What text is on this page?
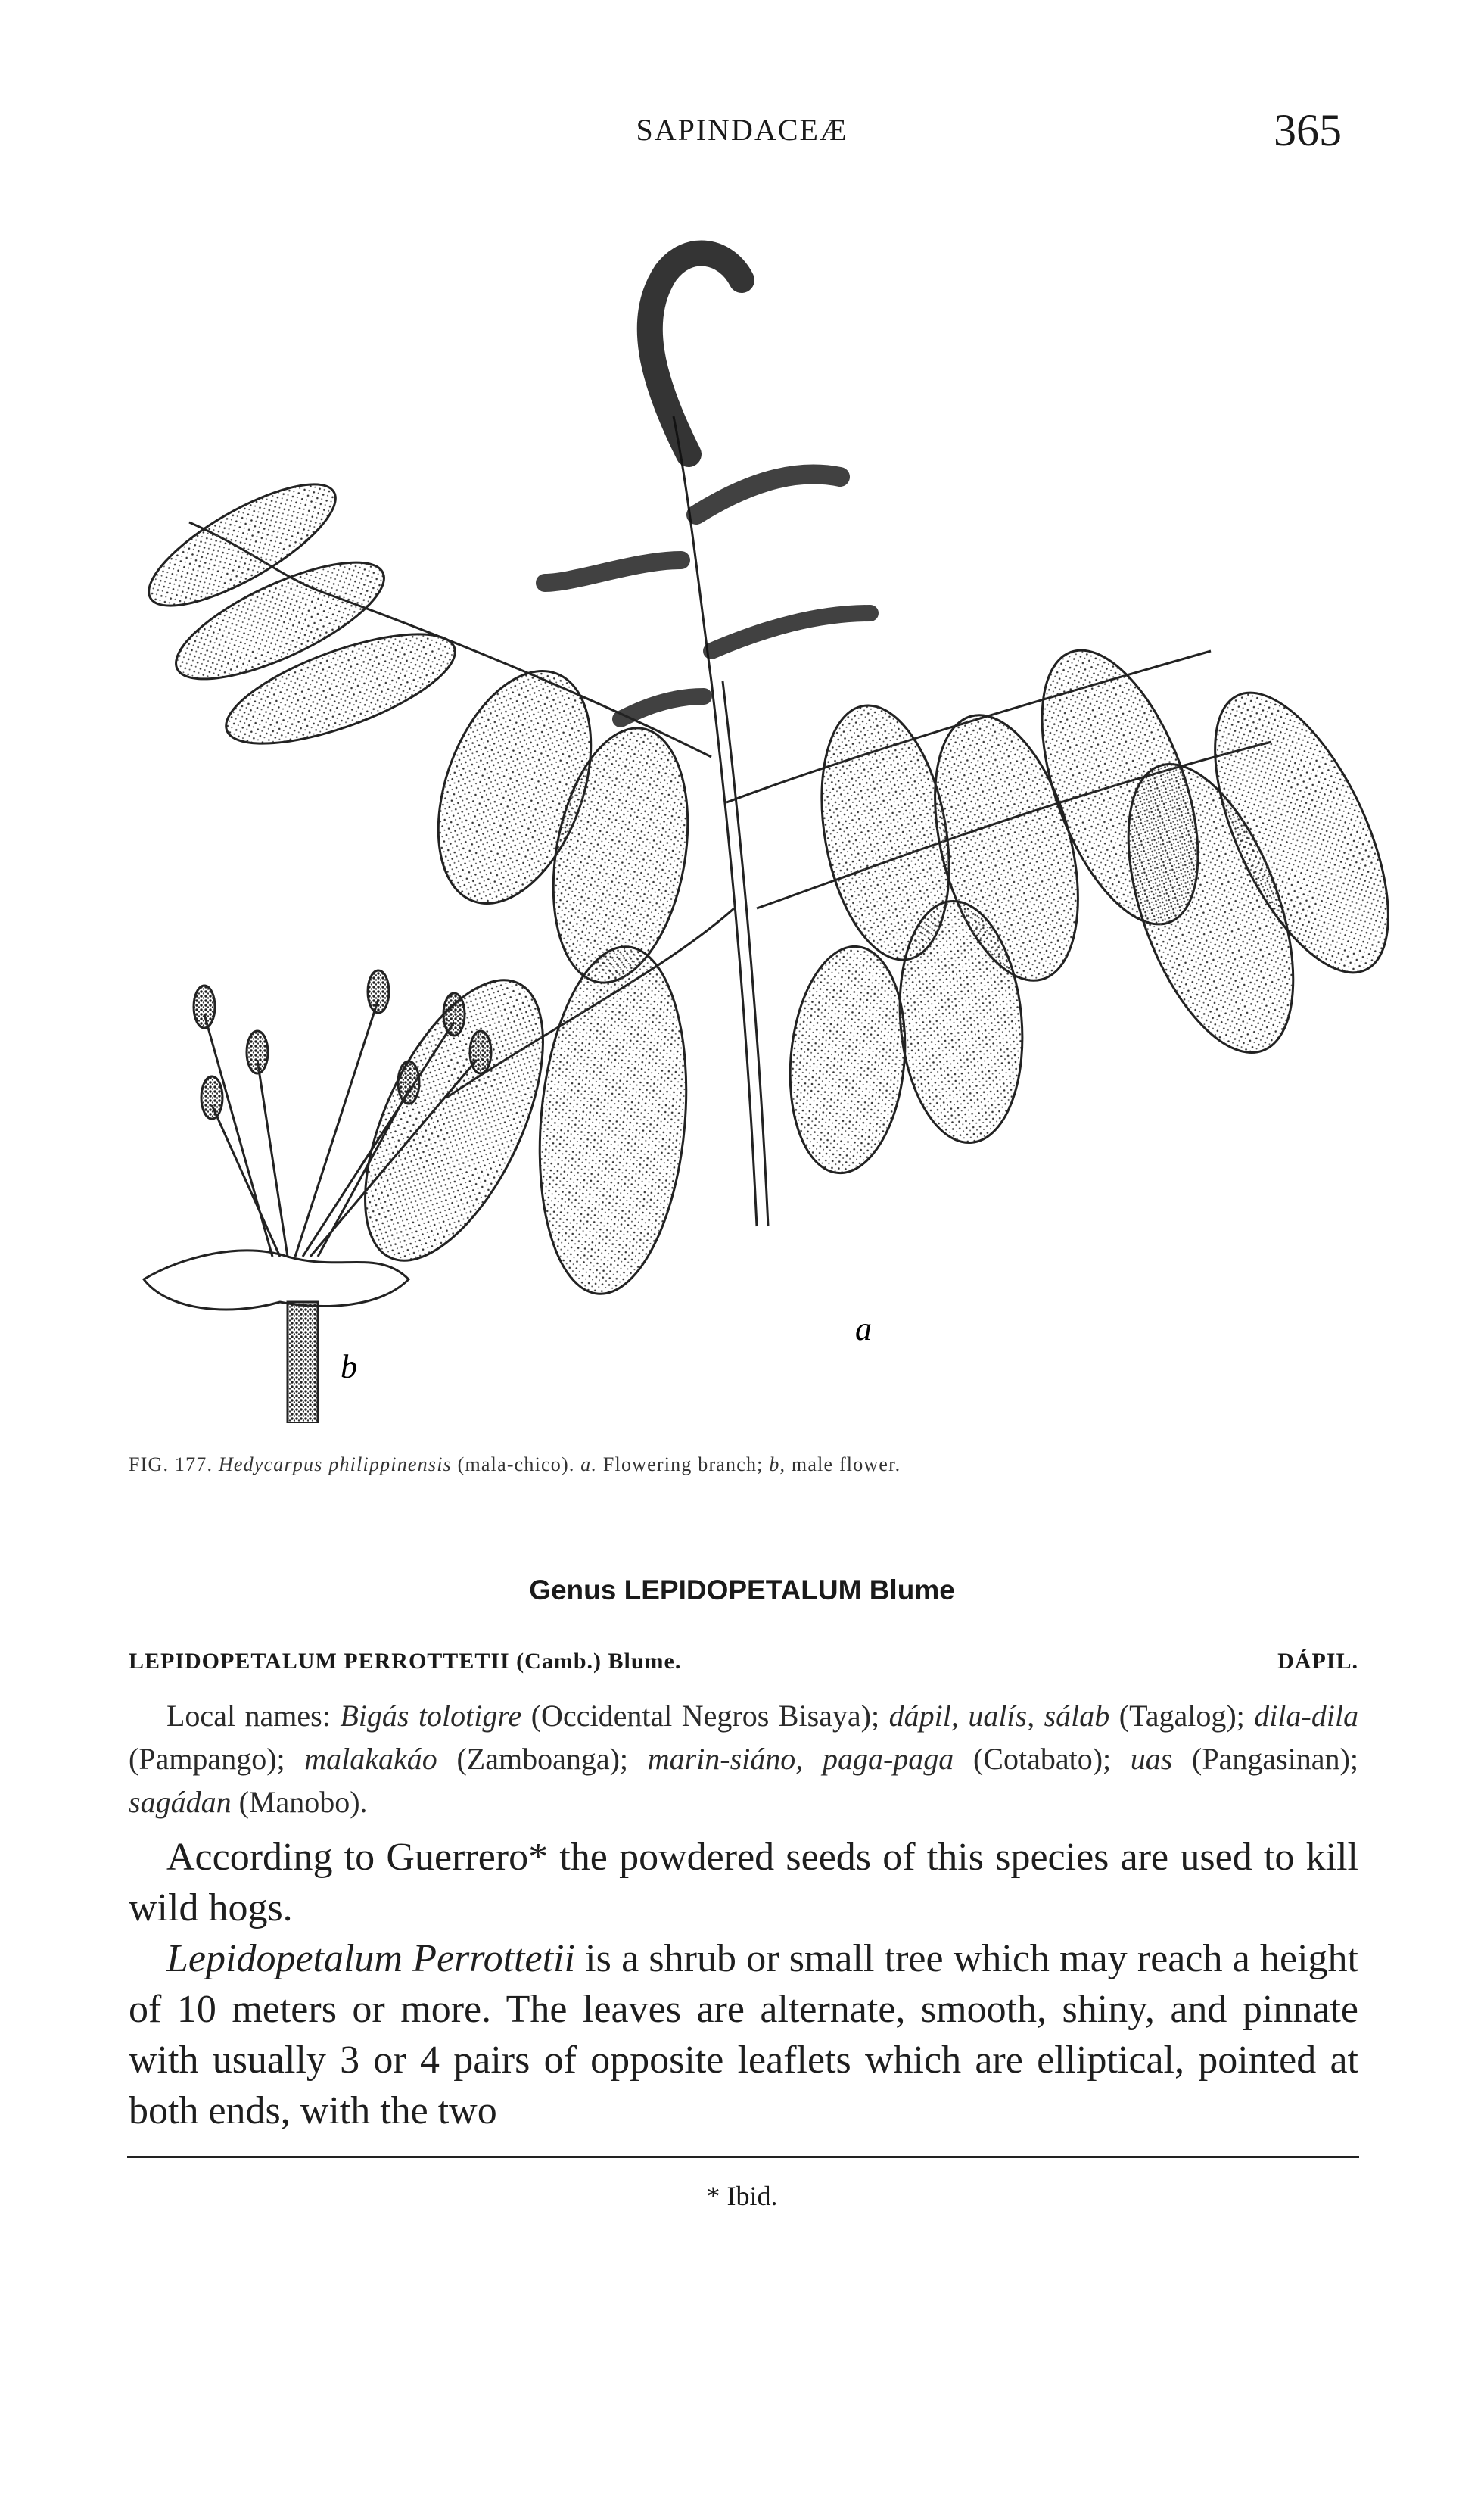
SAPINDACEÆ	365
a
b
FIG. 177. Hedycarpus philippinensis (mala-chico). a. Flowering branch; b, male flower.
Genus LEPIDOPETALUM Blume
LEPIDOPETALUM PERROTTETII (Camb.) Blume.	DÁPIL.

Local names: Bigás tolotigre (Occidental Negros Bisaya); dápil, ualís, sálab (Tagalog); dila-dila (Pampango); malakakáo (Zamboanga); marin-siáno, paga-paga (Cotabato); uas (Pangasinan); sagádan (Manobo).

According to Guerrero* the powdered seeds of this species are used to kill wild hogs.

Lepidopetalum Perrottetii is a shrub or small tree which may reach a height of 10 meters or more. The leaves are alternate, smooth, shiny, and pinnate with usually 3 or 4 pairs of opposite leaflets which are elliptical, pointed at both ends, with the two

* Ibid.
